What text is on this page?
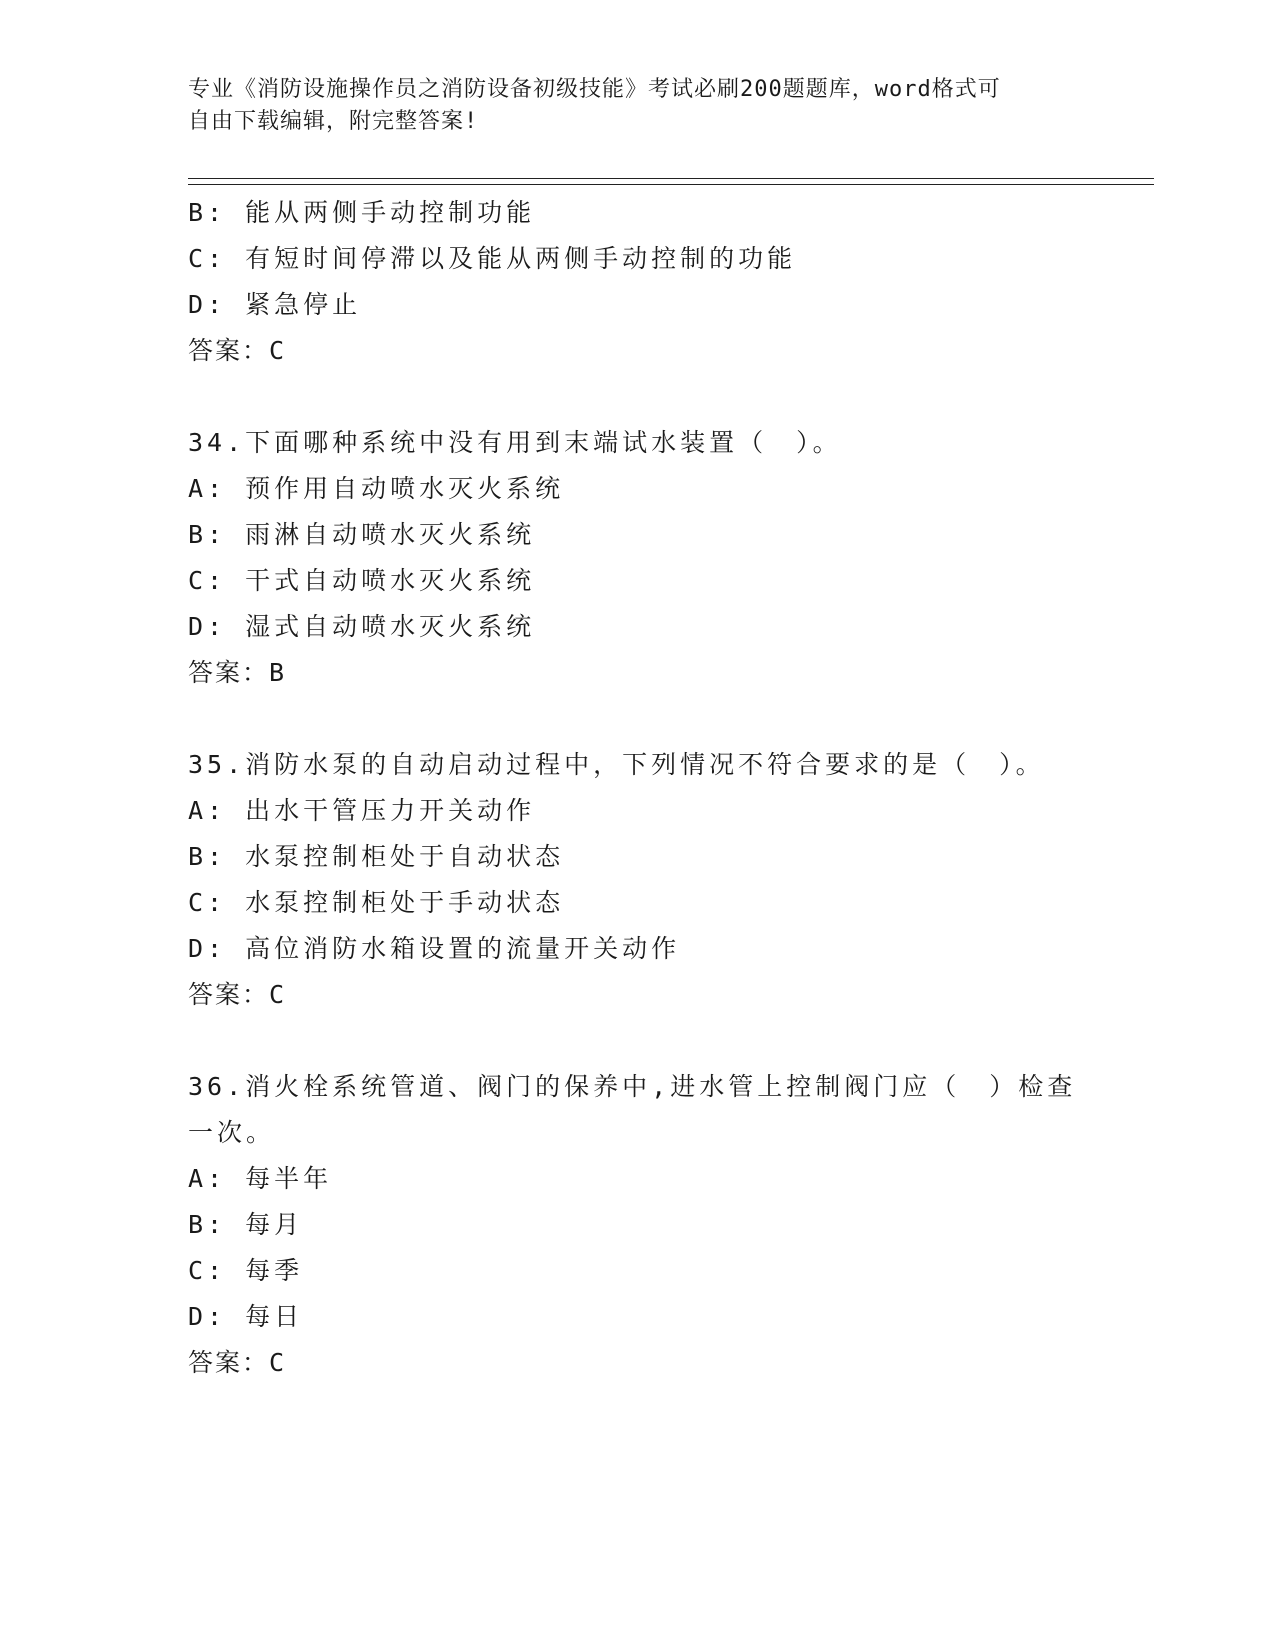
专业《消防设施操作员之消防设备初级技能》考试必刷200题题库，word格式可
自由下载编辑，附完整答案!
B: 能从两侧手动控制功能
C: 有短时间停滞以及能从两侧手动控制的功能
D: 紧急停止
答案：C
34.下面哪种系统中没有用到末端试水装置（　）。
A: 预作用自动喷水灭火系统
B: 雨淋自动喷水灭火系统
C: 干式自动喷水灭火系统
D: 湿式自动喷水灭火系统
答案：B
35.消防水泵的自动启动过程中，下列情况不符合要求的是（　）。
A: 出水干管压力开关动作
B: 水泵控制柜处于自动状态
C: 水泵控制柜处于手动状态
D: 高位消防水箱设置的流量开关动作
答案：C
36.消火栓系统管道、阀门的保养中,进水管上控制阀门应（　）检查
一次。
A: 每半年
B: 每月
C: 每季
D: 每日
答案：C
